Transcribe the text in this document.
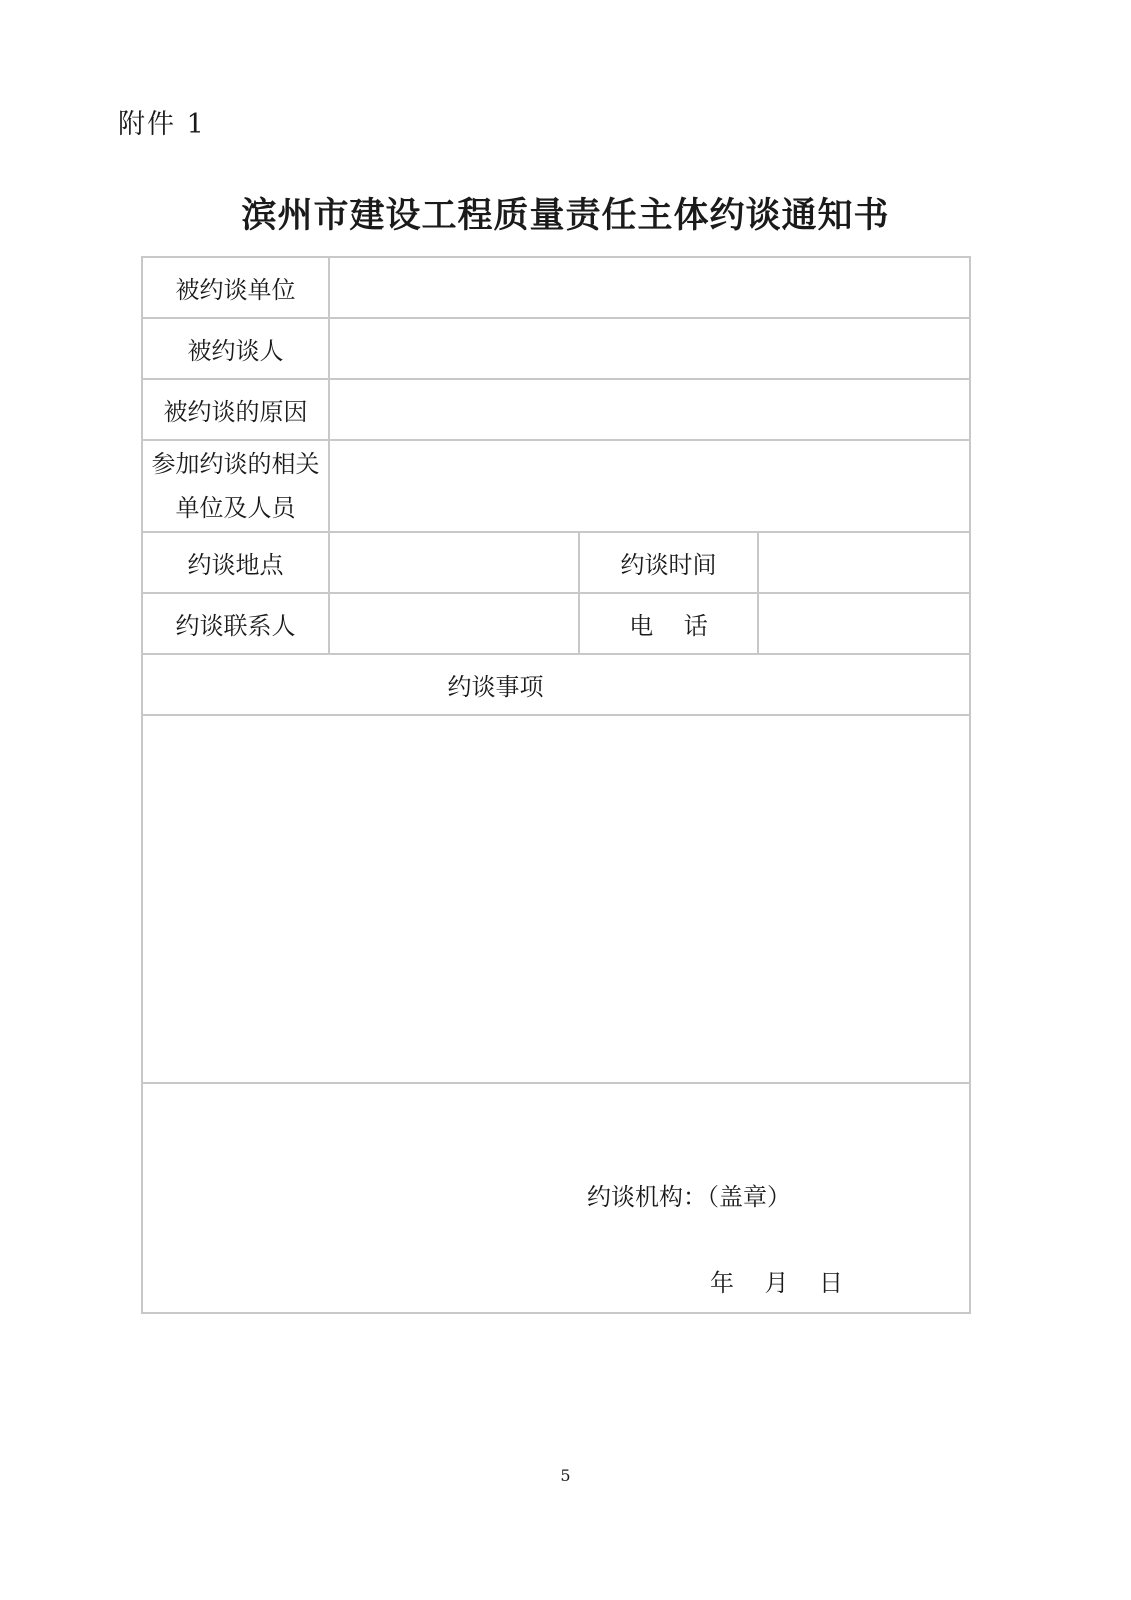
附件 1
滨州市建设工程质量责任主体约谈通知书
被约谈单位
被约谈人
被约谈的原因
参加约谈的相关
单位及人员
约谈地点	约谈时间
约谈联系人	电    话
约谈事项
约谈机构：（盖章）
年    月    日
5
